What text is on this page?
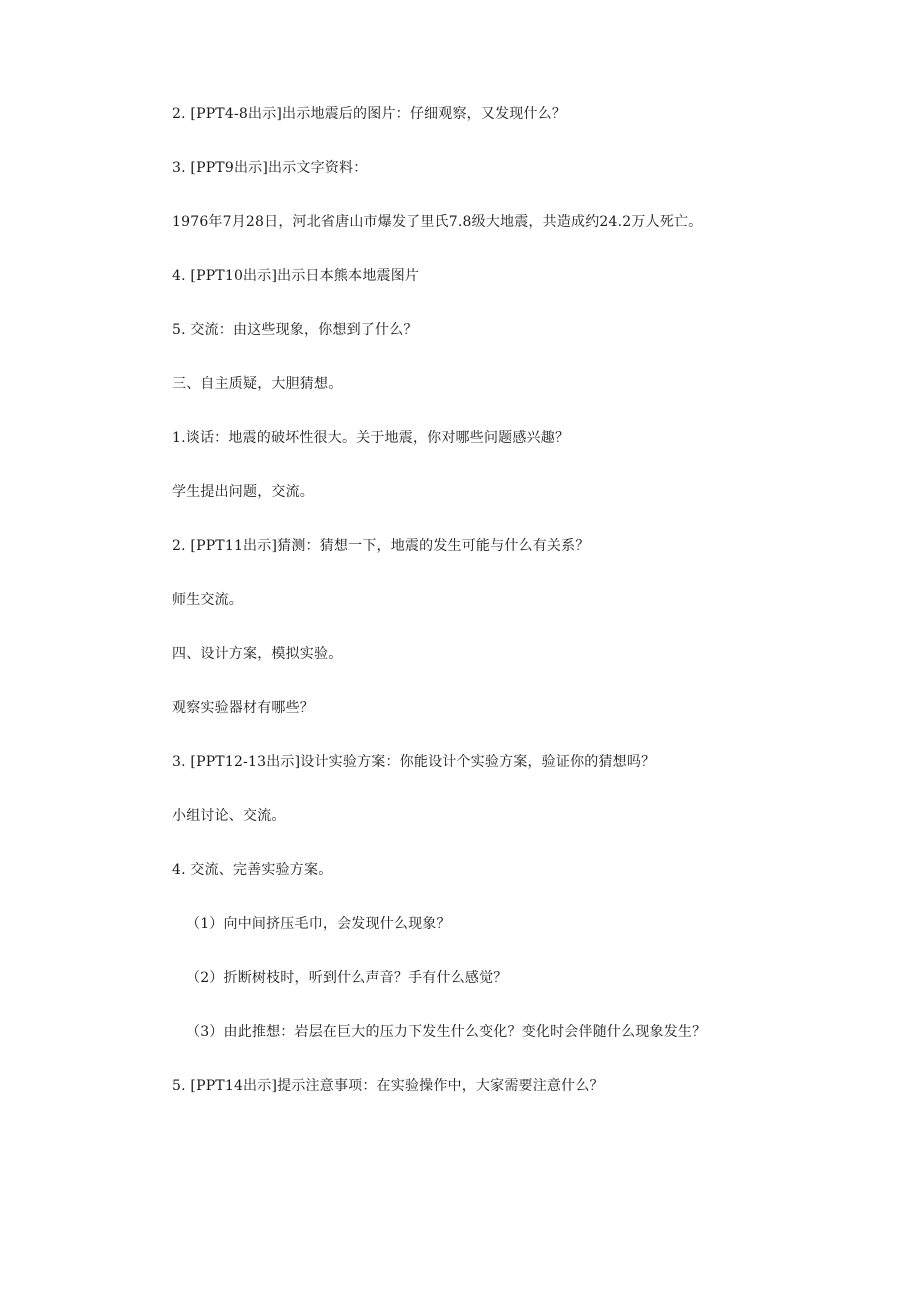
2. [PPT4-8出示]出示地震后的图片：仔细观察，又发现什么？
3. [PPT9出示]出示文字资料：
1976年7月28日，河北省唐山市爆发了里氏7.8级大地震，共造成约24.2万人死亡。
4. [PPT10出示]出示日本熊本地震图片
5. 交流：由这些现象，你想到了什么？
三、自主质疑，大胆猜想。
1.谈话：地震的破坏性很大。关于地震，你对哪些问题感兴趣？
学生提出问题，交流。
2. [PPT11出示]猜测：猜想一下，地震的发生可能与什么有关系？
师生交流。
四、设计方案，模拟实验。
观察实验器材有哪些？
3. [PPT12-13出示]设计实验方案：你能设计个实验方案，验证你的猜想吗？
小组讨论、交流。
4. 交流、完善实验方案。
（1）向中间挤压毛巾，会发现什么现象？
（2）折断树枝时，听到什么声音？手有什么感觉？
（3）由此推想：岩层在巨大的压力下发生什么变化？变化时会伴随什么现象发生？
5. [PPT14出示]提示注意事项：在实验操作中，大家需要注意什么？
